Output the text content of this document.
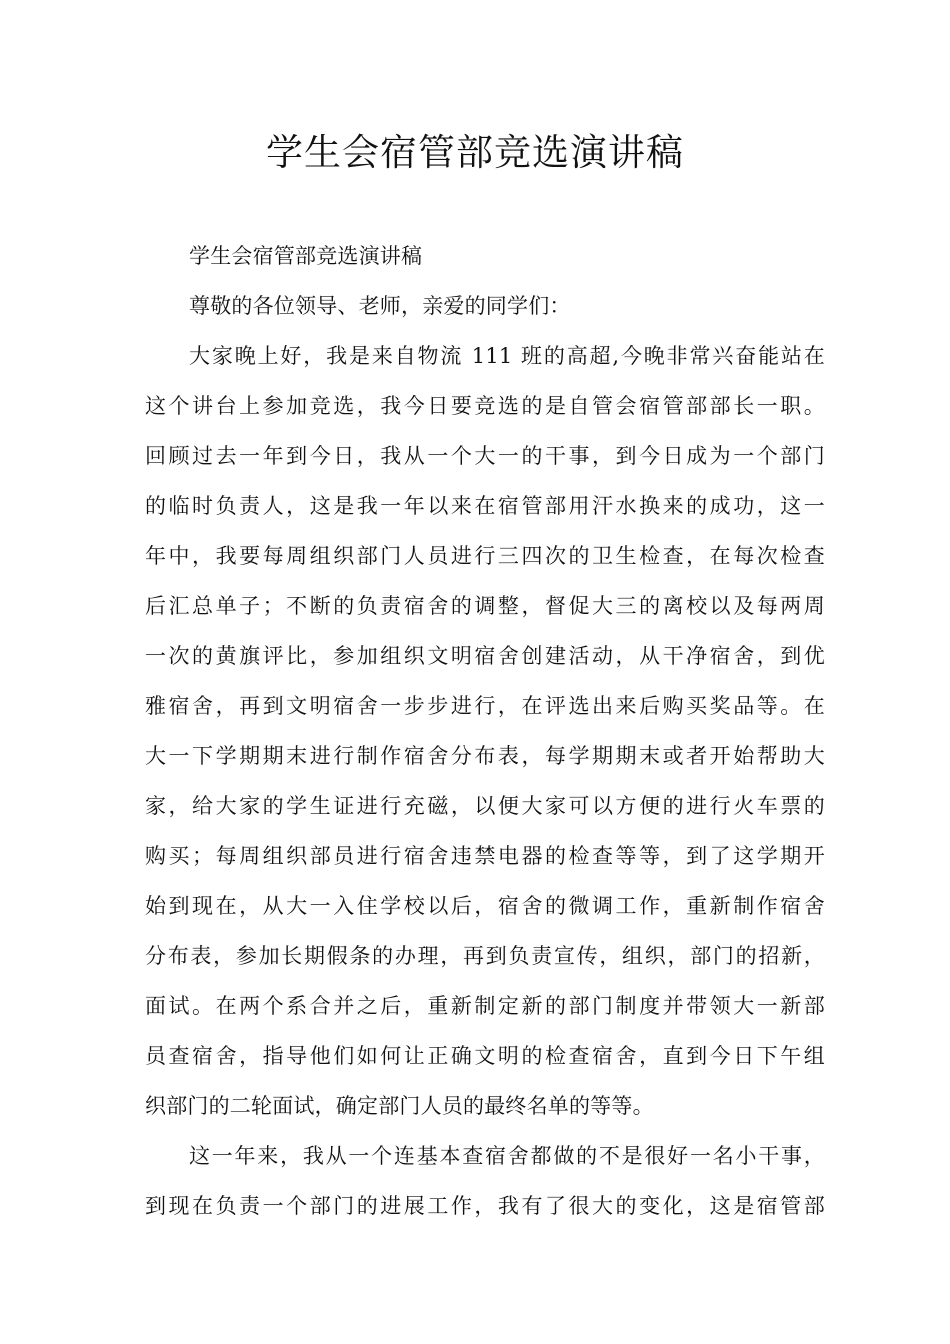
学生会宿管部竞选演讲稿
学生会宿管部竞选演讲稿
尊敬的各位领导、老师，亲爱的同学们：
大家晚上好，我是来自物流 111 班的高超,今晚非常兴奋能站在
这个讲台上参加竞选，我今日要竞选的是自管会宿管部部长一职。
回顾过去一年到今日，我从一个大一的干事，到今日成为一个部门
的临时负责人，这是我一年以来在宿管部用汗水换来的成功，这一
年中，我要每周组织部门人员进行三四次的卫生检查，在每次检查
后汇总单子；不断的负责宿舍的调整，督促大三的离校以及每两周
一次的黄旗评比，参加组织文明宿舍创建活动，从干净宿舍，到优
雅宿舍，再到文明宿舍一步步进行，在评选出来后购买奖品等。在
大一下学期期末进行制作宿舍分布表，每学期期末或者开始帮助大
家，给大家的学生证进行充磁，以便大家可以方便的进行火车票的
购买；每周组织部员进行宿舍违禁电器的检查等等，到了这学期开
始到现在，从大一入住学校以后，宿舍的微调工作，重新制作宿舍
分布表，参加长期假条的办理，再到负责宣传，组织，部门的招新，
面试。在两个系合并之后，重新制定新的部门制度并带领大一新部
员查宿舍，指导他们如何让正确文明的检查宿舍，直到今日下午组
织部门的二轮面试，确定部门人员的最终名单的等等。
这一年来，我从一个连基本查宿舍都做的不是很好一名小干事，
到现在负责一个部门的进展工作，我有了很大的变化，这是宿管部
